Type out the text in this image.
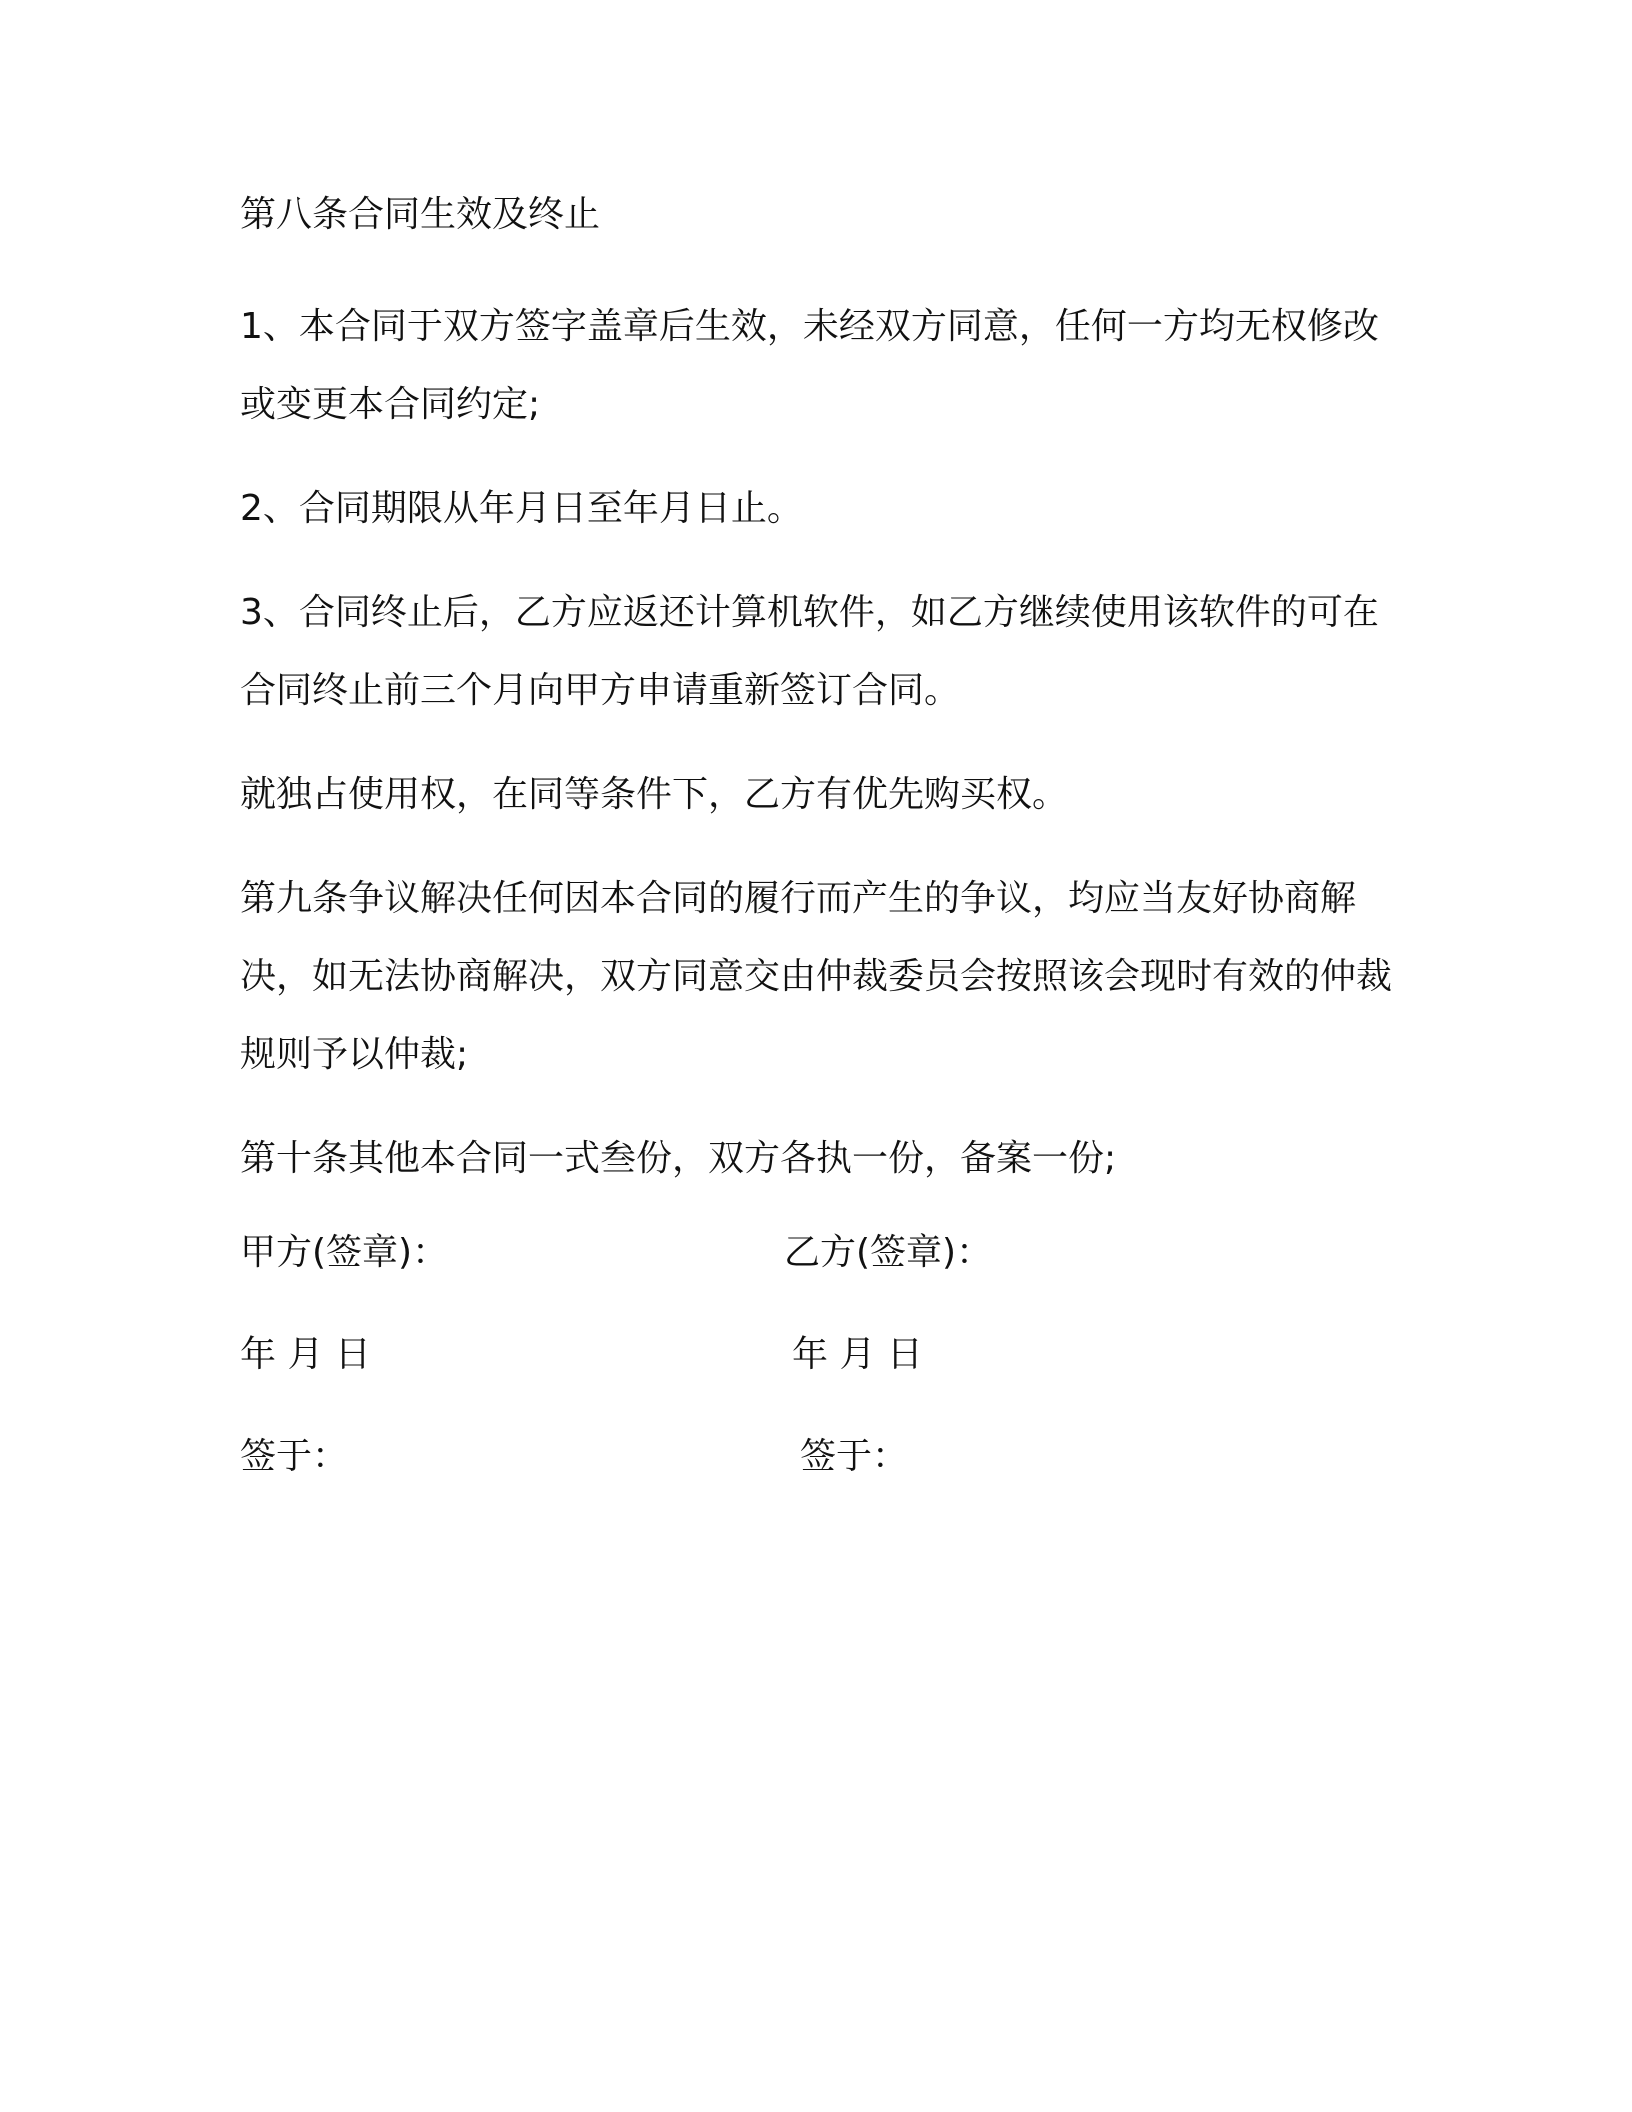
第八条合同生效及终止
1、本合同于双方签字盖章后生效，未经双方同意，任何一方均无权修改或变更本合同约定;
2、合同期限从年月日至年月日止。
3、合同终止后，乙方应返还计算机软件，如乙方继续使用该软件的可在合同终止前三个月向甲方申请重新签订合同。
就独占使用权，在同等条件下，乙方有优先购买权。
第九条争议解决任何因本合同的履行而产生的争议，均应当友好协商解决，如无法协商解决，双方同意交由仲裁委员会按照该会现时有效的仲裁规则予以仲裁;
第十条其他本合同一式叁份，双方各执一份，备案一份;
甲方(签章)：	乙方(签章)：
年 月 日	年 月 日
签于：	签于：
